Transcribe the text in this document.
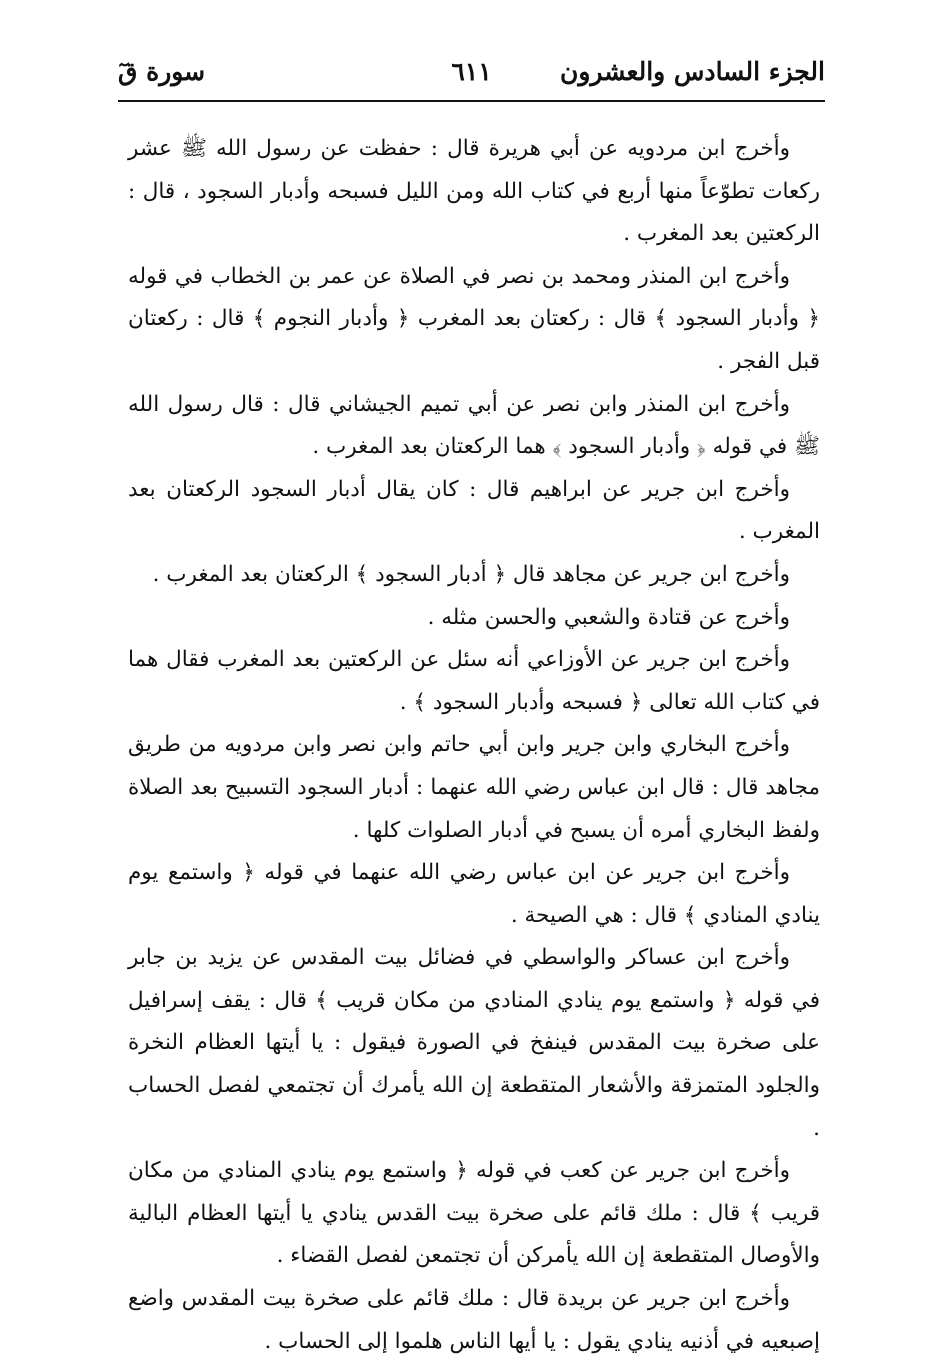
الجزء السادس والعشرون
٦١١
سورة قٓ

وأخرج ابن مردويه عن أبي هريرة قال : حفظت عن رسول الله ﷺ عشر ركعات تطوّعاً منها أربع في كتاب الله ومن الليل فسبحه وأدبار السجود ، قال : الركعتين بعد المغرب .

وأخرج ابن المنذر ومحمد بن نصر في الصلاة عن عمر بن الخطاب في قوله ﴿ وأدبار السجود ﴾ قال : ركعتان بعد المغرب ﴿ وأدبار النجوم ﴾ قال : ركعتان قبل الفجر .

وأخرج ابن المنذر وابن نصر عن أبي تميم الجيشاني قال : قال رسول الله ﷺ في قوله ﴿ وأدبار السجود ﴾ هما الركعتان بعد المغرب .

وأخرج ابن جرير عن ابراهيم قال : كان يقال أدبار السجود الركعتان بعد المغرب .

وأخرج ابن جرير عن مجاهد قال ﴿ أدبار السجود ﴾ الركعتان بعد المغرب .

وأخرج عن قتادة والشعبي والحسن مثله .

وأخرج ابن جرير عن الأوزاعي أنه سئل عن الركعتين بعد المغرب فقال هما في كتاب الله تعالى ﴿ فسبحه وأدبار السجود ﴾ .

وأخرج البخاري وابن جرير وابن أبي حاتم وابن نصر وابن مردويه من طريق مجاهد قال : قال ابن عباس رضي الله عنهما : أدبار السجود التسبيح بعد الصلاة ولفظ البخاري أمره أن يسبح في أدبار الصلوات كلها .

وأخرج ابن جرير عن ابن عباس رضي الله عنهما في قوله ﴿ واستمع يوم ينادي المنادي ﴾ قال : هي الصيحة .

وأخرج ابن عساكر والواسطي في فضائل بيت المقدس عن يزيد بن جابر في قوله ﴿ واستمع يوم ينادي المنادي من مكان قريب ﴾ قال : يقف إسرافيل على صخرة بيت المقدس فينفخ في الصورة فيقول : يا أيتها العظام النخرة والجلود المتمزقة والأشعار المتقطعة إن الله يأمرك أن تجتمعي لفصل الحساب .

وأخرج ابن جرير عن كعب في قوله ﴿ واستمع يوم ينادي المنادي من مكان قريب ﴾ قال : ملك قائم على صخرة بيت القدس ينادي يا أيتها العظام البالية والأوصال المتقطعة إن الله يأمركن أن تجتمعن لفصل القضاء .

وأخرج ابن جرير عن بريدة قال : ملك قائم على صخرة بيت المقدس واضع إصبعيه في أذنيه ينادي يقول : يا أيها الناس هلموا إلى الحساب .
